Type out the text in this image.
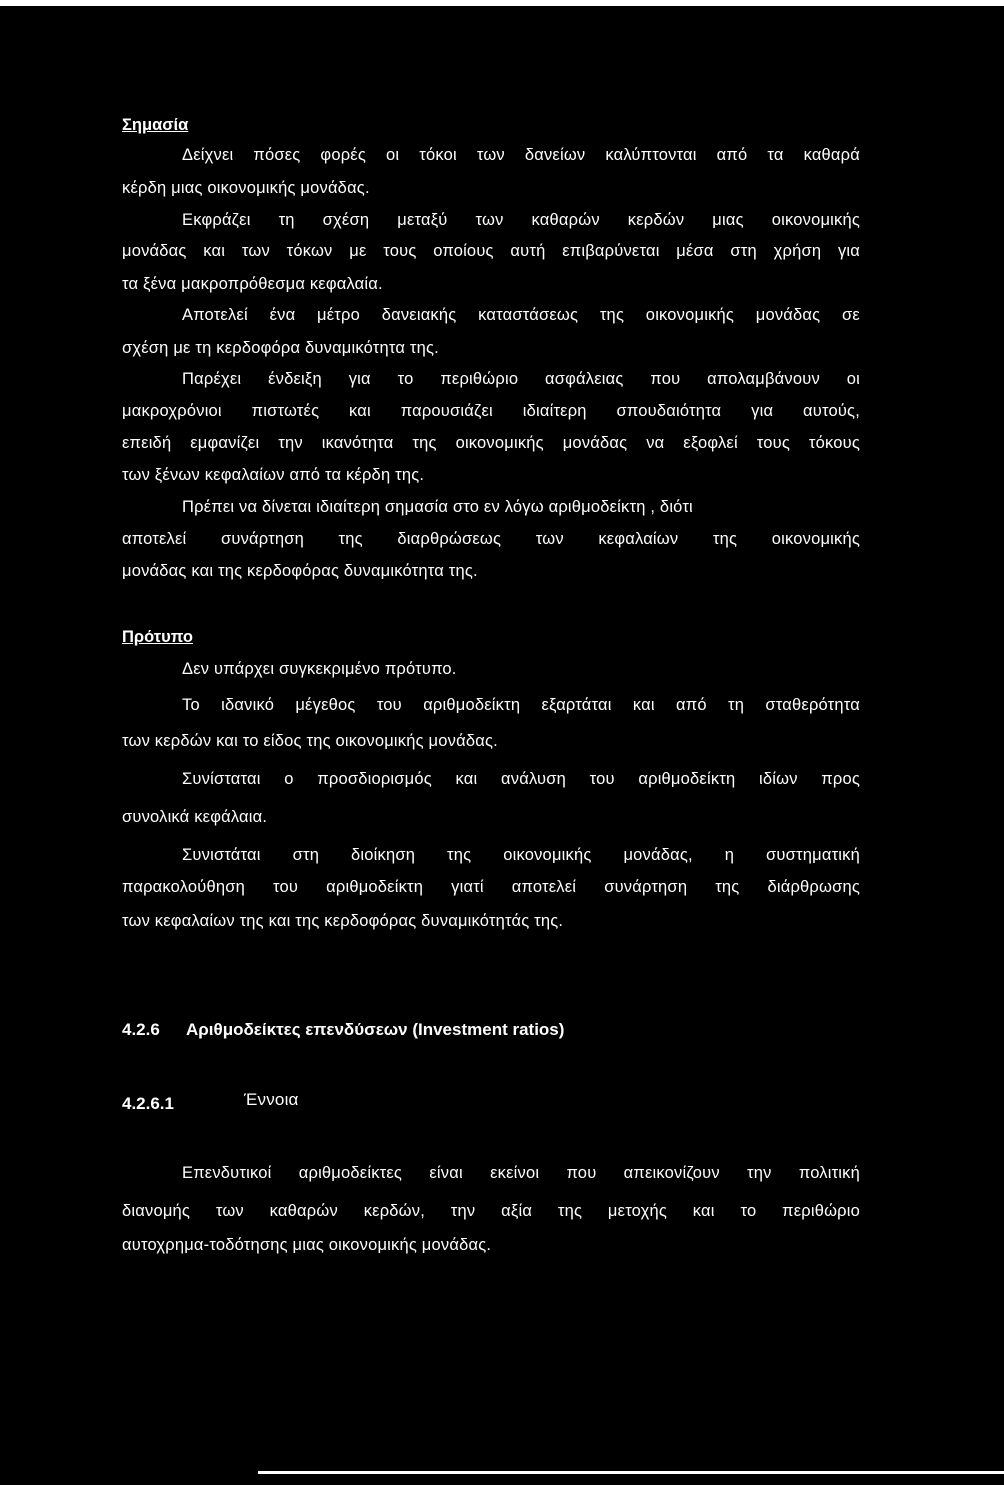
Σημασία
Δείχνει πόσες φορές οι τόκοι των δανείων καλύπτονται από τα καθαρά
κέρδη μιας οικονομικής μονάδας.
Εκφράζει τη σχέση μεταξύ των καθαρών κερδών μιας οικονομικής
μονάδας και των τόκων με τους οποίους αυτή επιβαρύνεται μέσα στη χρήση για
τα ξένα μακροπρόθεσμα κεφαλαία.
Αποτελεί ένα μέτρο δανειακής καταστάσεως της οικονομικής μονάδας σε
σχέση με τη κερδοφόρα δυναμικότητα της.
Παρέχει ένδειξη για το περιθώριο ασφάλειας που απολαμβάνουν οι
μακροχρόνιοι πιστωτές και παρουσιάζει ιδιαίτερη σπουδαιότητα για αυτούς,
επειδή εμφανίζει την ικανότητα της οικονομικής μονάδας να εξοφλεί τους τόκους
των ξένων κεφαλαίων από τα κέρδη της.
Πρέπει να δίνεται ιδιαίτερη σημασία στο εν λόγω αριθμοδείκτη , διότι
αποτελεί συνάρτηση της διαρθρώσεως των κεφαλαίων της οικονομικής
μονάδας και της κερδοφόρας δυναμικότητα της.
Πρότυπο
Δεν υπάρχει συγκεκριμένο πρότυπο.
Το ιδανικό μέγεθος του αριθμοδείκτη εξαρτάται και από τη σταθερότητα
των κερδών και το είδος της οικονομικής μονάδας.
Συνίσταται ο προσδιορισμός και ανάλυση του αριθμοδείκτη ιδίων προς
συνολικά κεφάλαια.
Συνιστάται στη διοίκηση της οικονομικής μονάδας, η συστηματική
παρακολούθηση του αριθμοδείκτη γιατί αποτελεί συνάρτηση της διάρθρωσης
των κεφαλαίων της και της κερδοφόρας δυναμικότητάς της.
4.2.6 Αριθμοδείκτες επενδύσεων (Investment ratios)
4.2.6.1	Έννοια
Επενδυτικοί αριθμοδείκτες είναι εκείνοι που απεικονίζουν την πολιτική
διανομής των καθαρών κερδών, την αξία της μετοχής και το περιθώριο
αυτοχρημα-τοδότησης μιας οικονομικής μονάδας.
